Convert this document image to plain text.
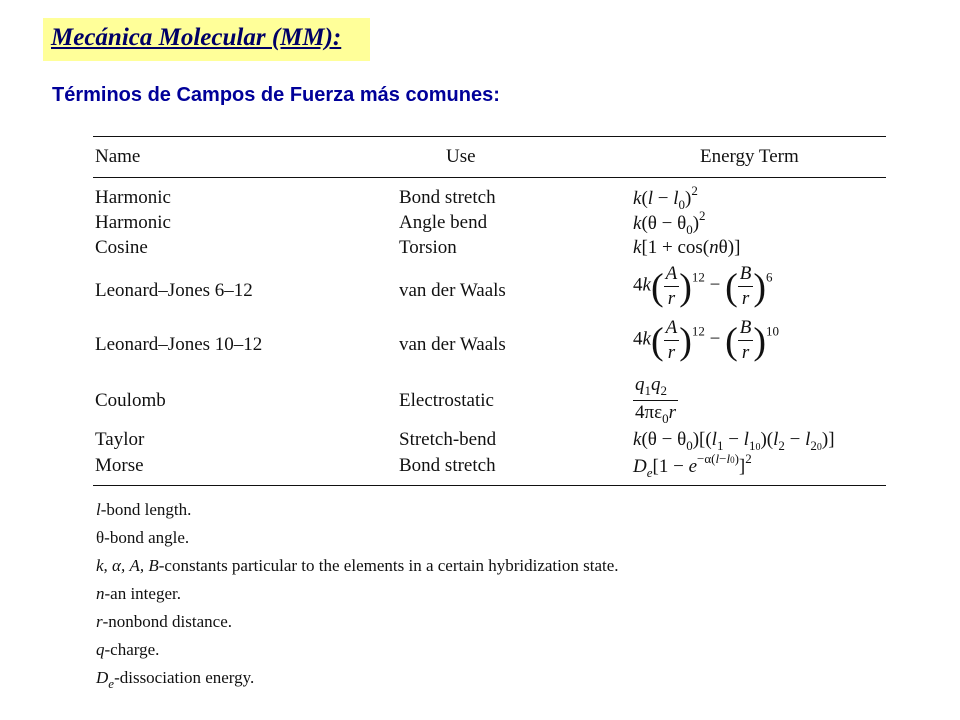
Mecánica Molecular (MM):
Términos de Campos de Fuerza más comunes:
Name	Use	Energy Term
Harmonic	Bond stretch	$k(l - l_0)^2$
Harmonic	Angle bend	$k(\theta - \theta_0)^2$
Cosine	Torsion	k[1 + cos(nθ)]
Leonard–Jones 6–12	van der Waals	$4k( \frac{A}{r} )^{12}$ − ( $\frac{B}{r} )^6$
Leonard–Jones 10–12	van der Waals	$4k( \frac{A}{r} )^{12}$ − ( $\frac{B}{r} )^{10}$
Coulomb	Electrostatic	$\frac{q_1q_2}{4\pi\varepsilon_0r}$
Taylor	Stretch-bend	$k(\theta - \theta_0)[(l_1 - l_{10})(l_2 - l_{20})]$
Morse	Bond stretch	$D_e[1 - e^{-\alpha(l-l0)}]^2$
l-bond length.
θ-bond angle.
k, α, A, B-constants particular to the elements in a certain hybridization state.
n-an integer.
r-nonbond distance.
q-charge.
$D_e$-dissociation energy.
